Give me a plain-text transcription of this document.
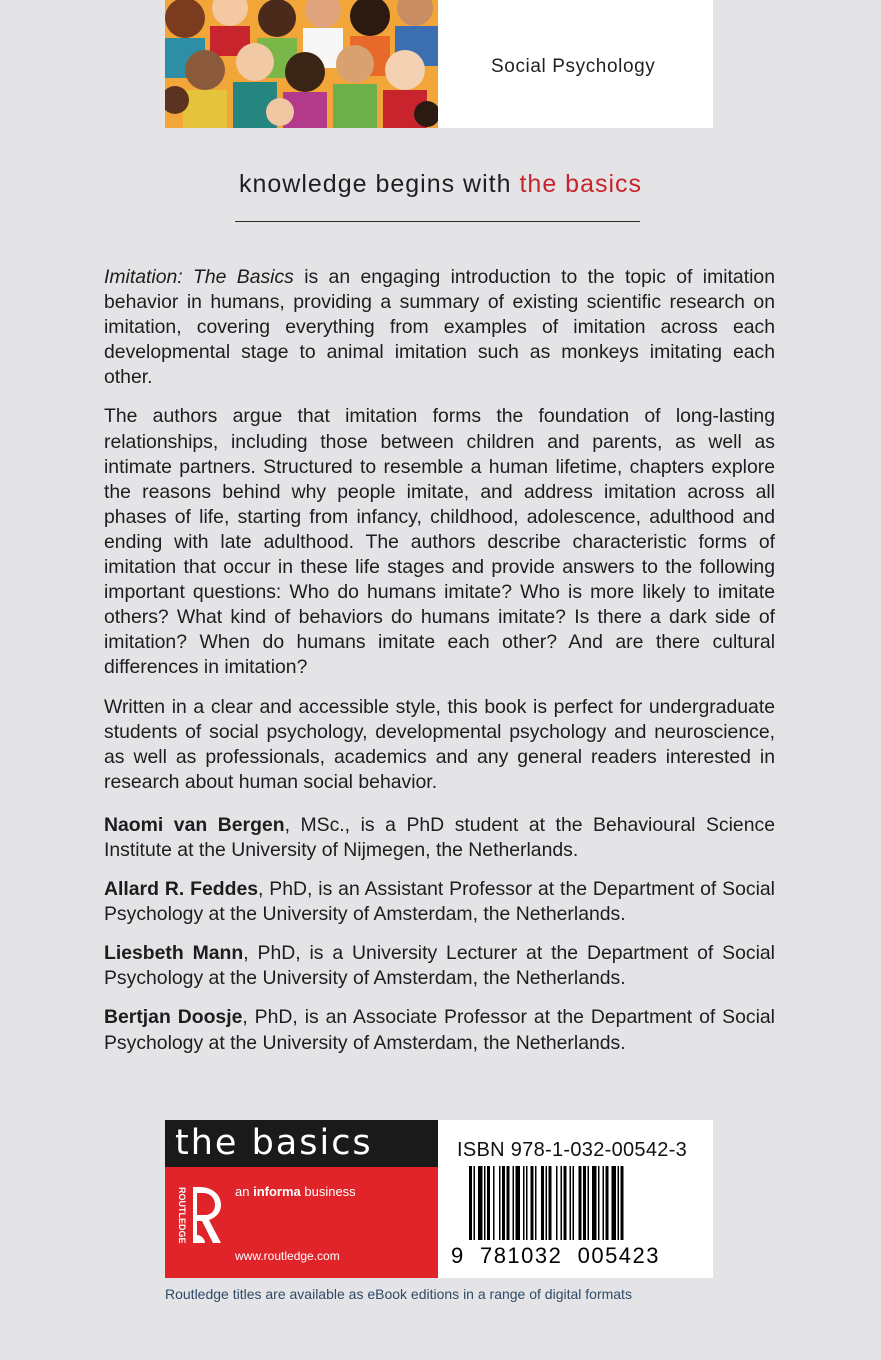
Social Psychology
knowledge begins with the basics

Imitation: The Basics is an engaging introduction to the topic of imitation behavior in humans, providing a summary of existing scientific research on imitation, covering everything from examples of imitation across each developmental stage to animal imitation such as monkeys imitating each other.

The authors argue that imitation forms the foundation of long-lasting relationships, including those between children and parents, as well as intimate partners. Structured to resemble a human lifetime, chapters explore the reasons behind why people imitate, and address imitation across all phases of life, starting from infancy, childhood, adolescence, adulthood and ending with late adulthood. The authors describe characteristic forms of imitation that occur in these life stages and provide answers to the following important questions: Who do humans imitate? Who is more likely to imitate others? What kind of behaviors do humans imitate? Is there a dark side of imitation? When do humans imitate each other? And are there cultural differences in imitation?

Written in a clear and accessible style, this book is perfect for undergraduate students of social psychology, developmental psychology and neuroscience, as well as professionals, academics and any general readers interested in research about human social behavior.

Naomi van Bergen, MSc., is a PhD student at the Behavioural Science Institute at the University of Nijmegen, the Netherlands.
Allard R. Feddes, PhD, is an Assistant Professor at the Department of Social Psychology at the University of Amsterdam, the Netherlands.
Liesbeth Mann, PhD, is a University Lecturer at the Department of Social Psychology at the University of Amsterdam, the Netherlands.
Bertjan Doosje, PhD, is an Associate Professor at the Department of Social Psychology at the University of Amsterdam, the Netherlands.
the basics
ROUTLEDGE	an informa business
www.routledge.com
ISBN 978-1-032-00542-3
9  781032  005423
Routledge titles are available as eBook editions in a range of digital formats
